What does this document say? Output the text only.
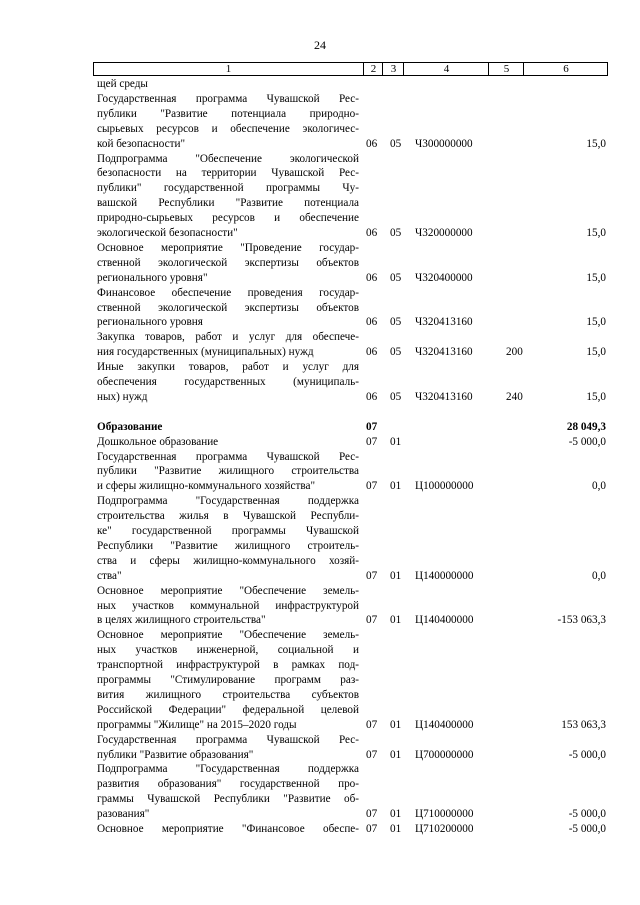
24
1	2	3	4	5	6
щей среды
Государственная программа Чувашской Рес-
публики "Развитие потенциала природно-
сырьевых ресурсов и обеспечение экологичес-
кой безопасности"	06 05 Ч300000000	15,0
Подпрограмма "Обеспечение экологической
безопасности на территории Чувашской Рес-
публики" государственной программы Чу-
вашской Республики "Развитие потенциала
природно-сырьевых ресурсов и обеспечение
экологической безопасности"	06 05 Ч320000000	15,0
Основное мероприятие "Проведение государ-
ственной экологической экспертизы объектов
регионального уровня"	06 05 Ч320400000	15,0
Финансовое обеспечение проведения государ-
ственной экологической экспертизы объектов
регионального уровня	06 05 Ч320413160	15,0
Закупка товаров, работ и услуг для обеспече-
ния государственных (муниципальных) нужд	06 05 Ч320413160	200	15,0
Иные закупки товаров, работ и услуг для
обеспечения государственных (муниципаль-
ных) нужд	06 05 Ч320413160	240	15,0
Образование	07	28 049,3
Дошкольное образование	07 01	-5 000,0
Государственная программа Чувашской Рес-
публики "Развитие жилищного строительства
и сферы жилищно-коммунального хозяйства"	07 01 Ц100000000	0,0
Подпрограмма "Государственная поддержка
строительства жилья в Чувашской Республи-
ке" государственной программы Чувашской
Республики "Развитие жилищного строитель-
ства и сферы жилищно-коммунального хозяй-
ства"	07 01 Ц140000000	0,0
Основное мероприятие "Обеспечение земель-
ных участков коммунальной инфраструктурой
в целях жилищного строительства"	07 01 Ц140400000	-153 063,3
Основное мероприятие "Обеспечение земель-
ных участков инженерной, социальной и
транспортной инфраструктурой в рамках под-
программы "Стимулирование программ раз-
вития жилищного строительства субъектов
Российской Федерации" федеральной целевой
программы "Жилище" на 2015–2020 годы	07 01 Ц140400000	153 063,3
Государственная программа Чувашской Рес-
публики "Развитие образования"	07 01 Ц700000000	-5 000,0
Подпрограмма "Государственная поддержка
развития образования" государственной про-
граммы Чувашской Республики "Развитие об-
разования"	07 01 Ц710000000	-5 000,0
Основное мероприятие "Финансовое обеспе- 07 01 Ц710200000	-5 000,0
